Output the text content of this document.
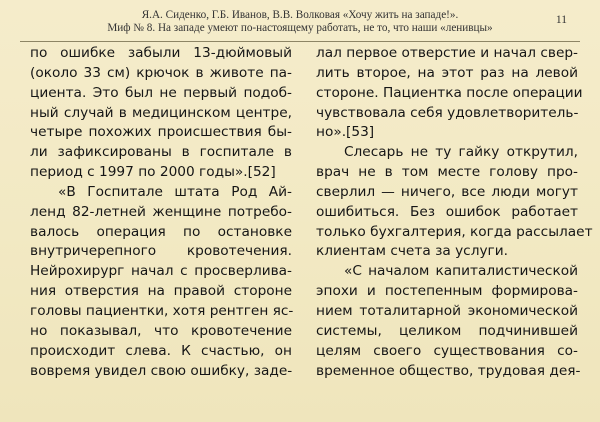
Я.А. Сиденко, Г.Б. Иванов, В.В. Волковая «Хочу жить на западе!».
Миф № 8. На западе умеют по-настоящему работать, не то, что наши «ленивцы»
11
по ошибке забыли 13-дюймовый
(около 33 см) крючок в животе па-
циента. Это был не первый подоб-
ный случай в медицинском центре,
четыре похожих происшествия бы-
ли зафиксированы в госпитале в
период с 1997 по 2000 годы».[52]
«В Госпитале штата Род Ай-
ленд 82-летней женщине потребо-
валось операция по остановке
внутричерепного кровотечения.
Нейрохирург начал с просверлива-
ния отверстия на правой стороне
головы пациентки, хотя рентген яс-
но показывал, что кровотечение
происходит слева. К счастью, он
вовремя увидел свою ошибку, заде-
лал первое отверстие и начал свер-
лить второе, на этот раз на левой
стороне. Пациентка после операции
чувствовала себя удовлетворитель-
но».[53]
Слесарь не ту гайку открутил,
врач не в том месте голову про-
сверлил — ничего, все люди могут
ошибиться. Без ошибок работает
только бухгалтерия, когда рассылает
клиентам счета за услуги.
«С началом капиталистической
эпохи и постепенным формирова-
нием тоталитарной экономической
системы, целиком подчинившей
целям своего существования со-
временное общество, трудовая дея-
